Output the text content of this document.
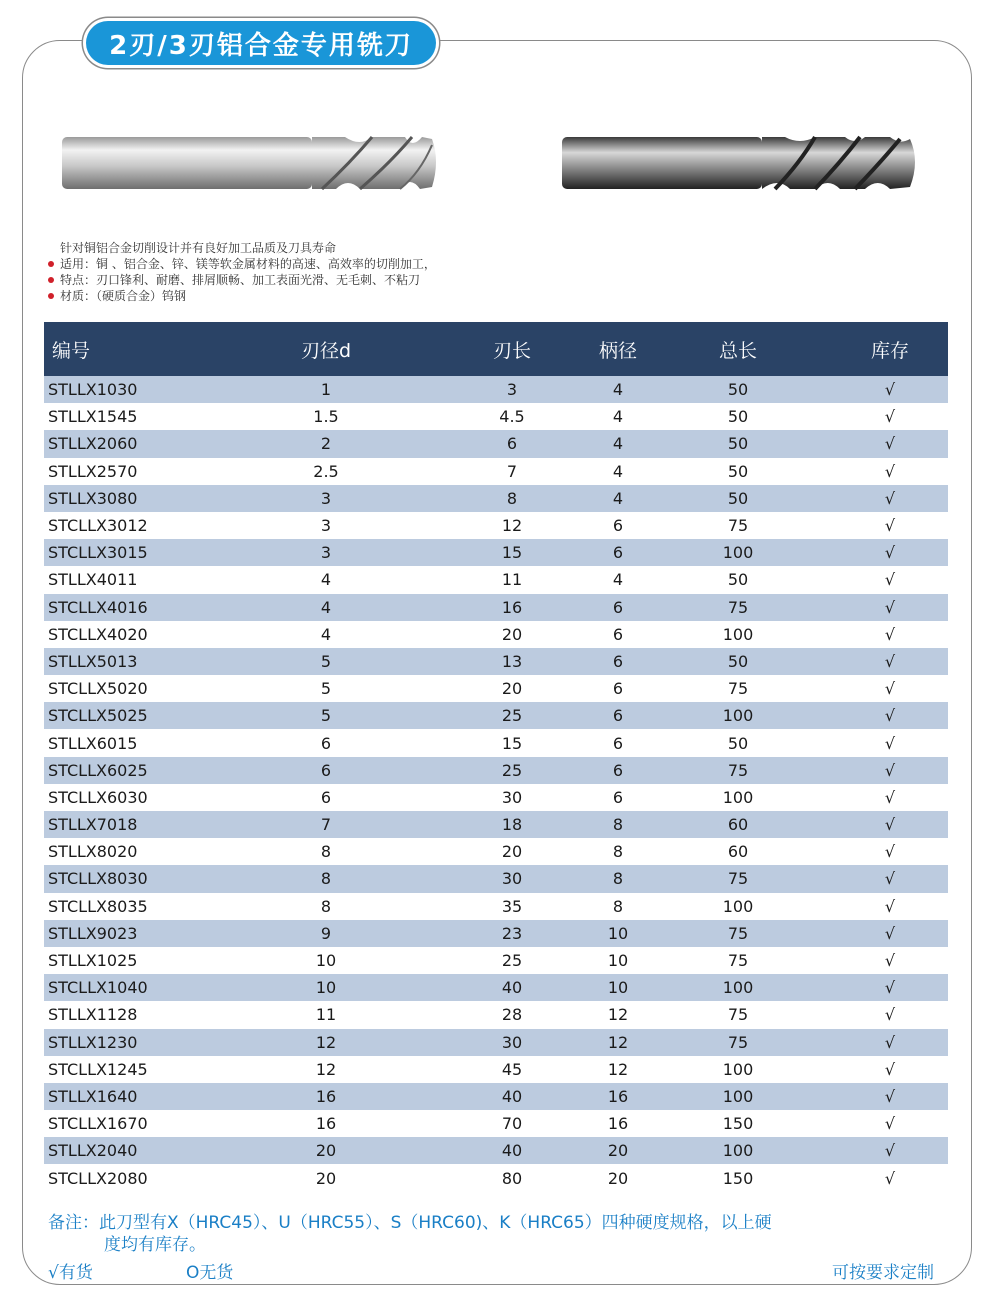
2刃/3刃铝合金专用铣刀
针对铜铝合金切削设计并有良好加工品质及刀具寿命
适用：铜 、铝合金、锌、镁等软金属材料的高速、高效率的切削加工，
特点：刃口锋利、耐磨、排屑顺畅、加工表面光滑、无毛刺、不粘刀
材质：（硬质合金）钨钢
编号	刃径d	刃长	柄径	总长	库存
STLLX1030	1	3	4	50	√
STLLX1545	1.5	4.5	4	50	√
STLLX2060	2	6	4	50	√
STLLX2570	2.5	7	4	50	√
STLLX3080	3	8	4	50	√
STCLLX3012	3	12	6	75	√
STCLLX3015	3	15	6	100	√
STLLX4011	4	11	4	50	√
STCLLX4016	4	16	6	75	√
STCLLX4020	4	20	6	100	√
STLLX5013	5	13	6	50	√
STCLLX5020	5	20	6	75	√
STCLLX5025	5	25	6	100	√
STLLX6015	6	15	6	50	√
STCLLX6025	6	25	6	75	√
STCLLX6030	6	30	6	100	√
STLLX7018	7	18	8	60	√
STLLX8020	8	20	8	60	√
STCLLX8030	8	30	8	75	√
STCLLX8035	8	35	8	100	√
STLLX9023	9	23	10	75	√
STLLX1025	10	25	10	75	√
STCLLX1040	10	40	10	100	√
STLLX1128	11	28	12	75	√
STLLX1230	12	30	12	75	√
STCLLX1245	12	45	12	100	√
STLLX1640	16	40	16	100	√
STCLLX1670	16	70	16	150	√
STLLX2040	20	40	20	100	√
STCLLX2080	20	80	20	150	√
备注：此刀型有X（HRC45）、U（HRC55）、S（HRC60)、K（HRC65）四种硬度规格，以上硬
度均有库存。
√有货	O无货	可按要求定制
